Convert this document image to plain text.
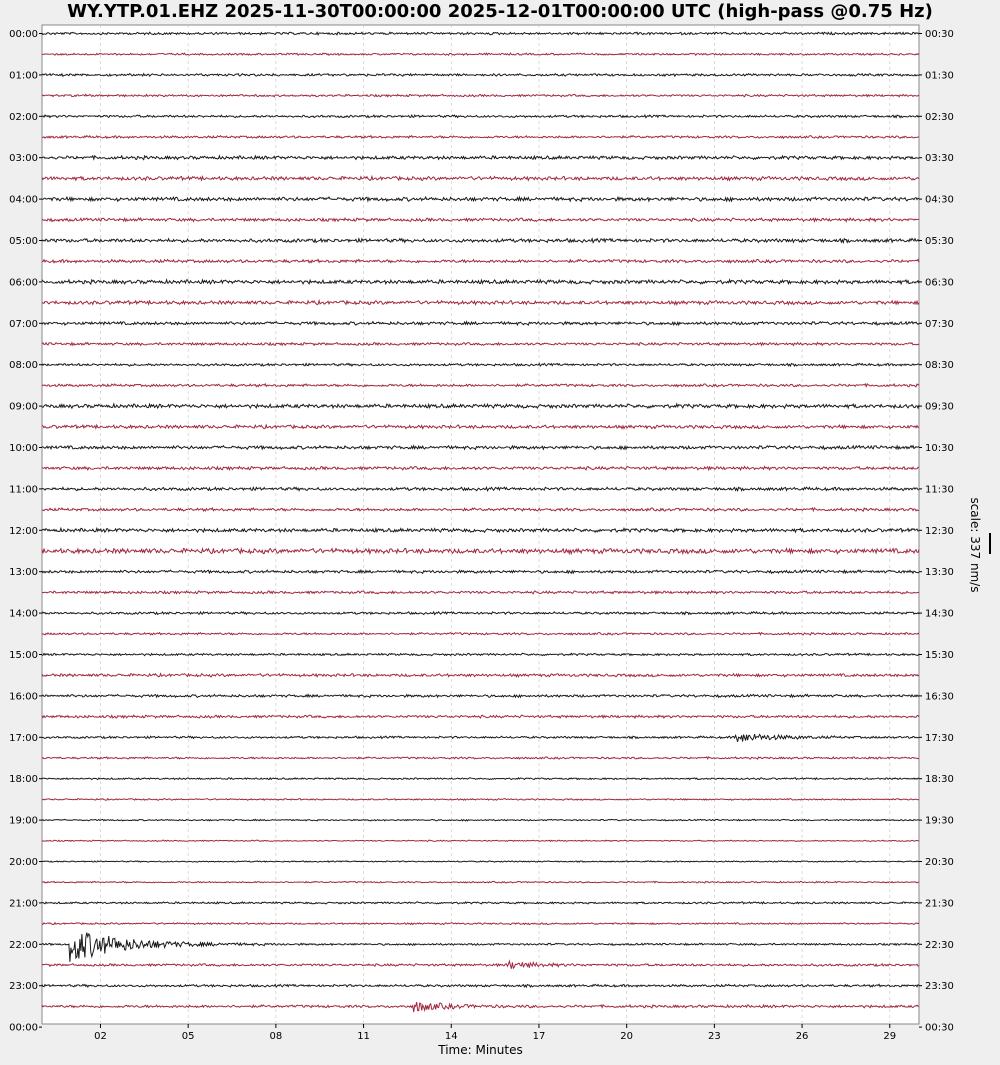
WY.YTP.01.EHZ 2025-11-30T00:00:00 2025-12-01T00:00:00 UTC (high-pass @0.75 Hz)
00:00
01:00
02:00
03:00
04:00
05:00
06:00
07:00
08:00
09:00
10:00
11:00
12:00
13:00
14:00
15:00
16:00
17:00
18:00
19:00
20:00
21:00
22:00
23:00
00:00
00:30
01:30
02:30
03:30
04:30
05:30
06:30
07:30
08:30
09:30
10:30
11:30
12:30
13:30
14:30
15:30
16:30
17:30
18:30
19:30
20:30
21:30
22:30
23:30
00:30
02	05	08	11	14	17	20	23	26	29
Time: Minutes
scale: 337 nm/s
